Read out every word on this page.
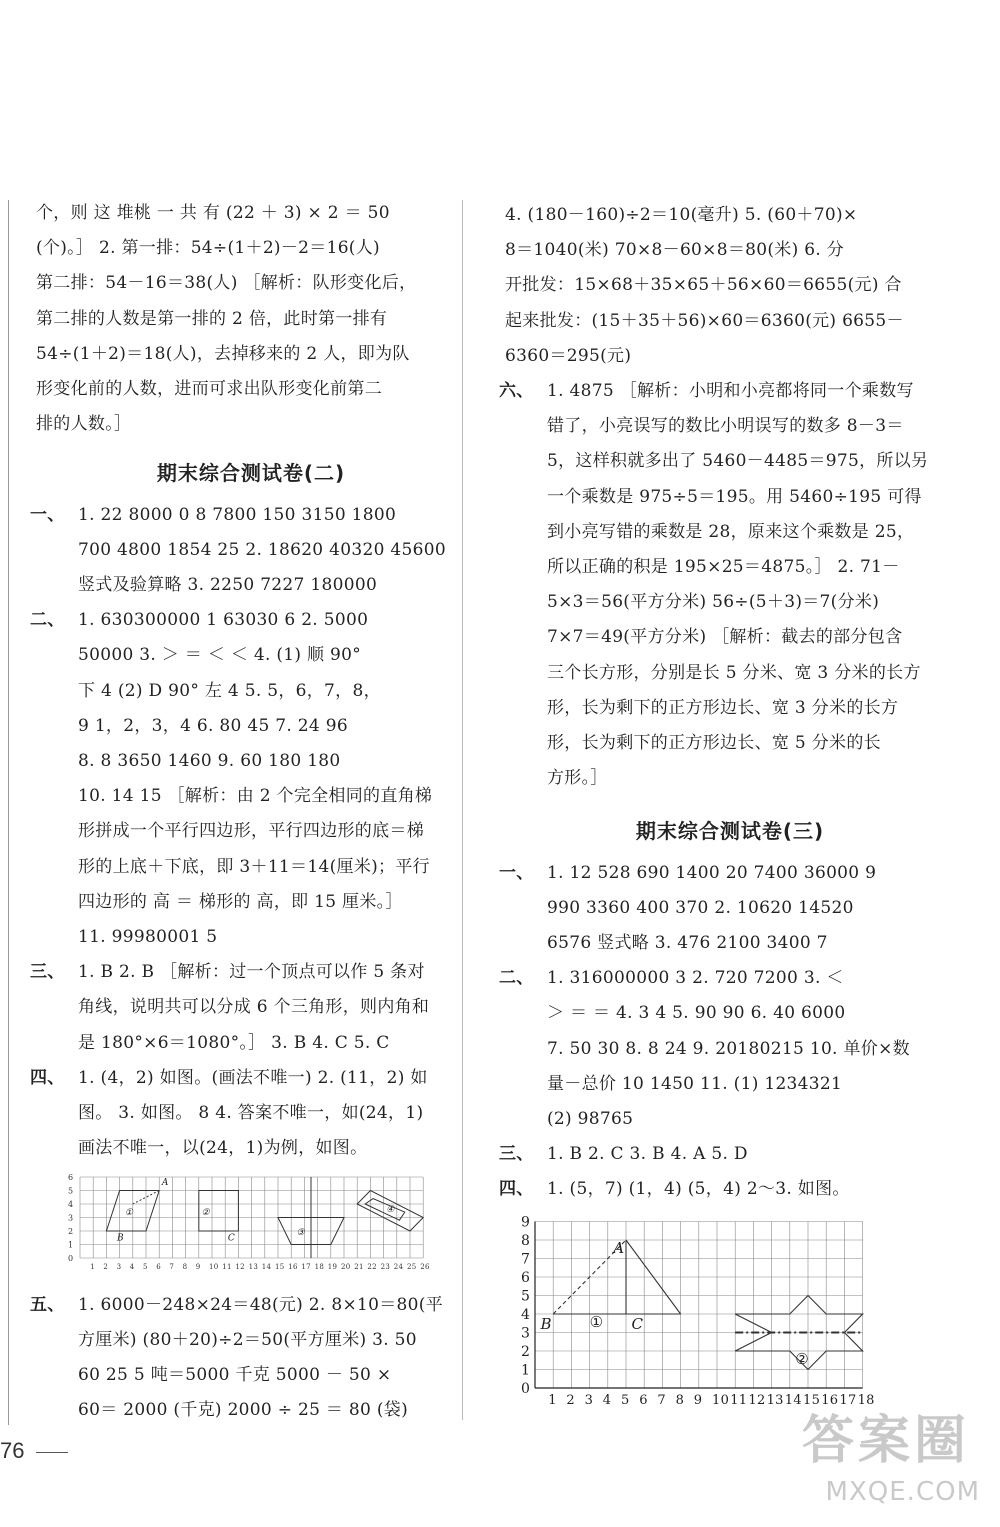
个，则 这 堆桃 一 共 有 (22 ＋ 3) × 2 ＝ 50
(个)。］ 2. 第一排：54÷(1＋2)－2＝16(人)
第二排：54－16＝38(人) ［解析：队形变化后，
第二排的人数是第一排的 2 倍，此时第一排有
54÷(1＋2)＝18(人)，去掉移来的 2 人，即为队
形变化前的人数，进而可求出队形变化前第二
排的人数。］
期末综合测试卷(二)
一、 1. 22 8000 0 8 7800 150 3150 1800
700 4800 1854 25 2. 18620 40320 45600
竖式及验算略 3. 2250 7227 180000
二、 1. 630300000 1 63030 6 2. 5000
50000 3. ＞ ＝ ＜ ＜ 4. (1) 顺 90°
下 4 (2) D 90° 左 4 5. 5，6，7，8，
9 1，2，3，4 6. 80 45 7. 24 96
8. 8 3650 1460 9. 60 180 180
10. 14 15 ［解析：由 2 个完全相同的直角梯
形拼成一个平行四边形，平行四边形的底＝梯
形的上底＋下底，即 3＋11＝14(厘米)；平行
四边形的 高 ＝ 梯形的 高，即 15 厘米。］
11. 99980001 5
三、 1. B 2. B ［解析：过一个顶点可以作 5 条对
角线，说明共可以分成 6 个三角形，则内角和
是 180°×6＝1080°。］ 3. B 4. C 5. C
四、 1. (4，2) 如图。(画法不唯一) 2. (11，2) 如
图。 3. 如图。 8 4. 答案不唯一，如(24，1)
画法不唯一，以(24，1)为例，如图。
0
1
2
3
4
5
6
1 2 3 4 5 6 7 8 9 10 11 12 13 14 15 16 17 18 19 20 21 22 23 24 25 26
A
B	C
①	②
③
④
五、 1. 6000－248×24＝48(元) 2. 8×10＝80(平
方厘米) (80＋20)÷2＝50(平方厘米) 3. 50
60 25 5 吨＝5000 千克 5000 － 50 ×
60＝ 2000 (千克) 2000 ÷ 25 ＝ 80 (袋)
4. (180－160)÷2＝10(毫升) 5. (60＋70)×
8＝1040(米) 70×8－60×8＝80(米) 6. 分
开批发：15×68＋35×65＋56×60＝6655(元) 合
起来批发：(15＋35＋56)×60＝6360(元) 6655－
6360＝295(元)
六、 1. 4875 ［解析：小明和小亮都将同一个乘数写
错了，小亮误写的数比小明误写的数多 8－3＝
5，这样积就多出了 5460－4485＝975，所以另
一个乘数是 975÷5＝195。用 5460÷195 可得
到小亮写错的乘数是 28，原来这个乘数是 25，
所以正确的积是 195×25＝4875。］ 2. 71－
5×3＝56(平方分米) 56÷(5＋3)＝7(分米)
7×7＝49(平方分米) ［解析：截去的部分包含
三个长方形，分别是长 5 分米、宽 3 分米的长方
形，长为剩下的正方形边长、宽 3 分米的长方
形，长为剩下的正方形边长、宽 5 分米的长
方形。］
期末综合测试卷(三)
一、 1. 12 528 690 1400 20 7400 36000 9
990 3360 400 370 2. 10620 14520
6576 竖式略 3. 476 2100 3400 7
二、 1. 316000000 3 2. 720 7200 3. ＜
＞ ＝ ＝ 4. 3 4 5. 90 90 6. 40 6000
7. 50 30 8. 8 24 9. 20180215 10. 单价×数
量－总价 10 1450 11. (1) 1234321
(2) 98765
三、 1. B 2. C 3. B 4. A 5. D
四、 1. (5，7) (1，4) (5，4) 2～3. 如图。
0
1
2
3
4
5
6
7
8
9
1 2 3 4 5 6 7 8 9 10 11 12 13 14 15 16 17 18
A
B	C
①
②
76	答案圈
MXQE.COM
